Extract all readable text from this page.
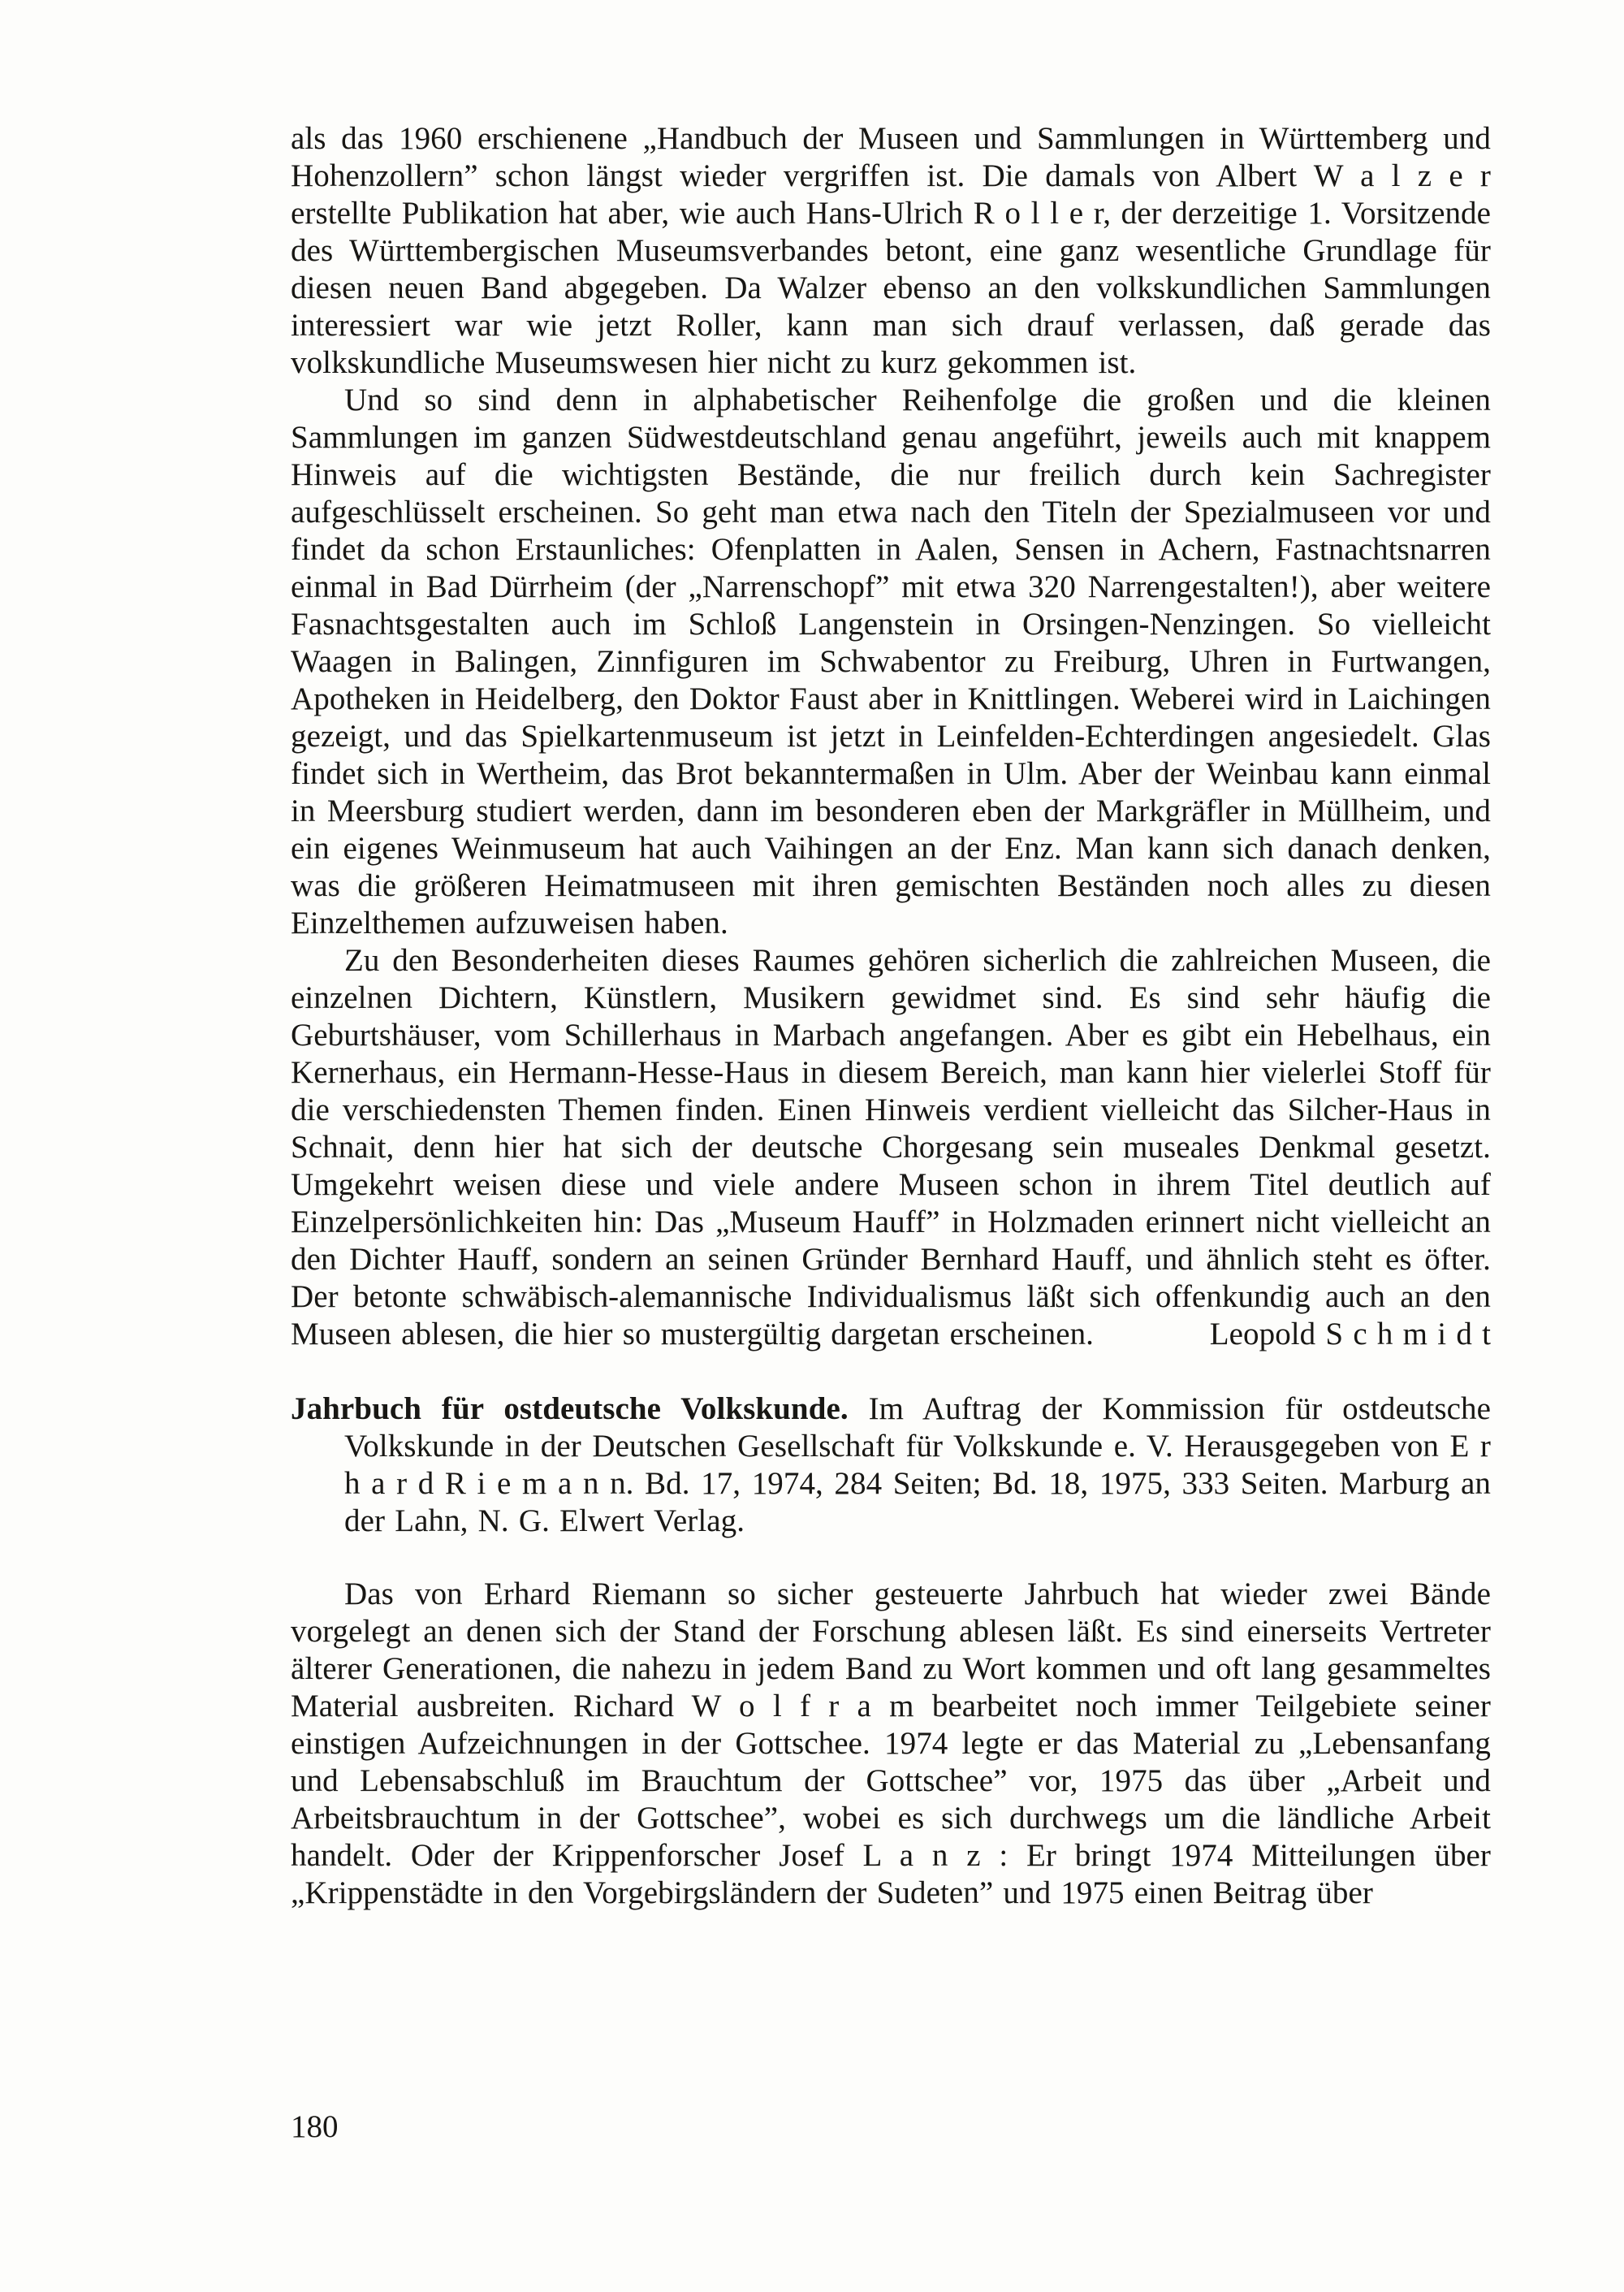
als das 1960 erschienene „Handbuch der Museen und Sammlungen in Württemberg und Hohenzollern” schon längst wieder vergriffen ist. Die damals von Albert W a l z e r erstellte Publikation hat aber, wie auch Hans-Ulrich R o l l e r, der derzeitige 1. Vorsitzende des Württembergischen Museumsverbandes betont, eine ganz wesentliche Grundlage für diesen neuen Band abgegeben. Da Walzer ebenso an den volkskundlichen Sammlungen interessiert war wie jetzt Roller, kann man sich drauf verlassen, daß gerade das volkskundliche Museumswesen hier nicht zu kurz gekommen ist.

Und so sind denn in alphabetischer Reihenfolge die großen und die kleinen Sammlungen im ganzen Südwestdeutschland genau angeführt, jeweils auch mit knappem Hinweis auf die wichtigsten Bestände, die nur freilich durch kein Sachregister aufgeschlüsselt erscheinen. So geht man etwa nach den Titeln der Spezialmuseen vor und findet da schon Erstaunliches: Ofenplatten in Aalen, Sensen in Achern, Fastnachtsnarren einmal in Bad Dürrheim (der „Narrenschopf” mit etwa 320 Narrengestalten!), aber weitere Fasnachtsgestalten auch im Schloß Langenstein in Orsingen-Nenzingen. So vielleicht Waagen in Balingen, Zinnfiguren im Schwabentor zu Freiburg, Uhren in Furtwangen, Apotheken in Heidelberg, den Doktor Faust aber in Knittlingen. Weberei wird in Laichingen gezeigt, und das Spielkartenmuseum ist jetzt in Leinfelden-Echterdingen angesiedelt. Glas findet sich in Wertheim, das Brot bekanntermaßen in Ulm. Aber der Weinbau kann einmal in Meersburg studiert werden, dann im besonderen eben der Markgräfler in Müllheim, und ein eigenes Weinmuseum hat auch Vaihingen an der Enz. Man kann sich danach denken, was die größeren Heimatmuseen mit ihren gemischten Beständen noch alles zu diesen Einzelthemen aufzuweisen haben.

Zu den Besonderheiten dieses Raumes gehören sicherlich die zahlreichen Museen, die einzelnen Dichtern, Künstlern, Musikern gewidmet sind. Es sind sehr häufig die Geburtshäuser, vom Schillerhaus in Marbach angefangen. Aber es gibt ein Hebelhaus, ein Kernerhaus, ein Hermann-Hesse-Haus in diesem Bereich, man kann hier vielerlei Stoff für die verschiedensten Themen finden. Einen Hinweis verdient vielleicht das Silcher-Haus in Schnait, denn hier hat sich der deutsche Chorgesang sein museales Denkmal gesetzt. Umgekehrt weisen diese und viele andere Museen schon in ihrem Titel deutlich auf Einzelpersönlichkeiten hin: Das „Museum Hauff” in Holzmaden erinnert nicht vielleicht an den Dichter Hauff, sondern an seinen Gründer Bernhard Hauff, und ähnlich steht es öfter. Der betonte schwäbisch-alemannische Individualismus läßt sich offenkundig auch an den Museen ablesen, die hier so mustergültig dargetan erscheinen.	Leopold S c h m i d t

Jahrbuch für ostdeutsche Volkskunde. Im Auftrag der Kommission für ostdeutsche Volkskunde in der Deutschen Gesellschaft für Volkskunde e. V. Herausgegeben von E r h a r d R i e m a n n. Bd. 17, 1974, 284 Seiten; Bd. 18, 1975, 333 Seiten. Marburg an der Lahn, N. G. Elwert Verlag.

Das von Erhard Riemann so sicher gesteuerte Jahrbuch hat wieder zwei Bände vorgelegt an denen sich der Stand der Forschung ablesen läßt. Es sind einerseits Vertreter älterer Generationen, die nahezu in jedem Band zu Wort kommen und oft lang gesammeltes Material ausbreiten. Richard W o l f r a m bearbeitet noch immer Teilgebiete seiner einstigen Aufzeichnungen in der Gottschee. 1974 legte er das Material zu „Lebensanfang und Lebensabschluß im Brauchtum der Gottschee” vor, 1975 das über „Arbeit und Arbeitsbrauchtum in der Gottschee”, wobei es sich durchwegs um die ländliche Arbeit handelt. Oder der Krippenforscher Josef L a n z : Er bringt 1974 Mitteilungen über „Krippenstädte in den Vorgebirgsländern der Sudeten” und 1975 einen Beitrag über

180
